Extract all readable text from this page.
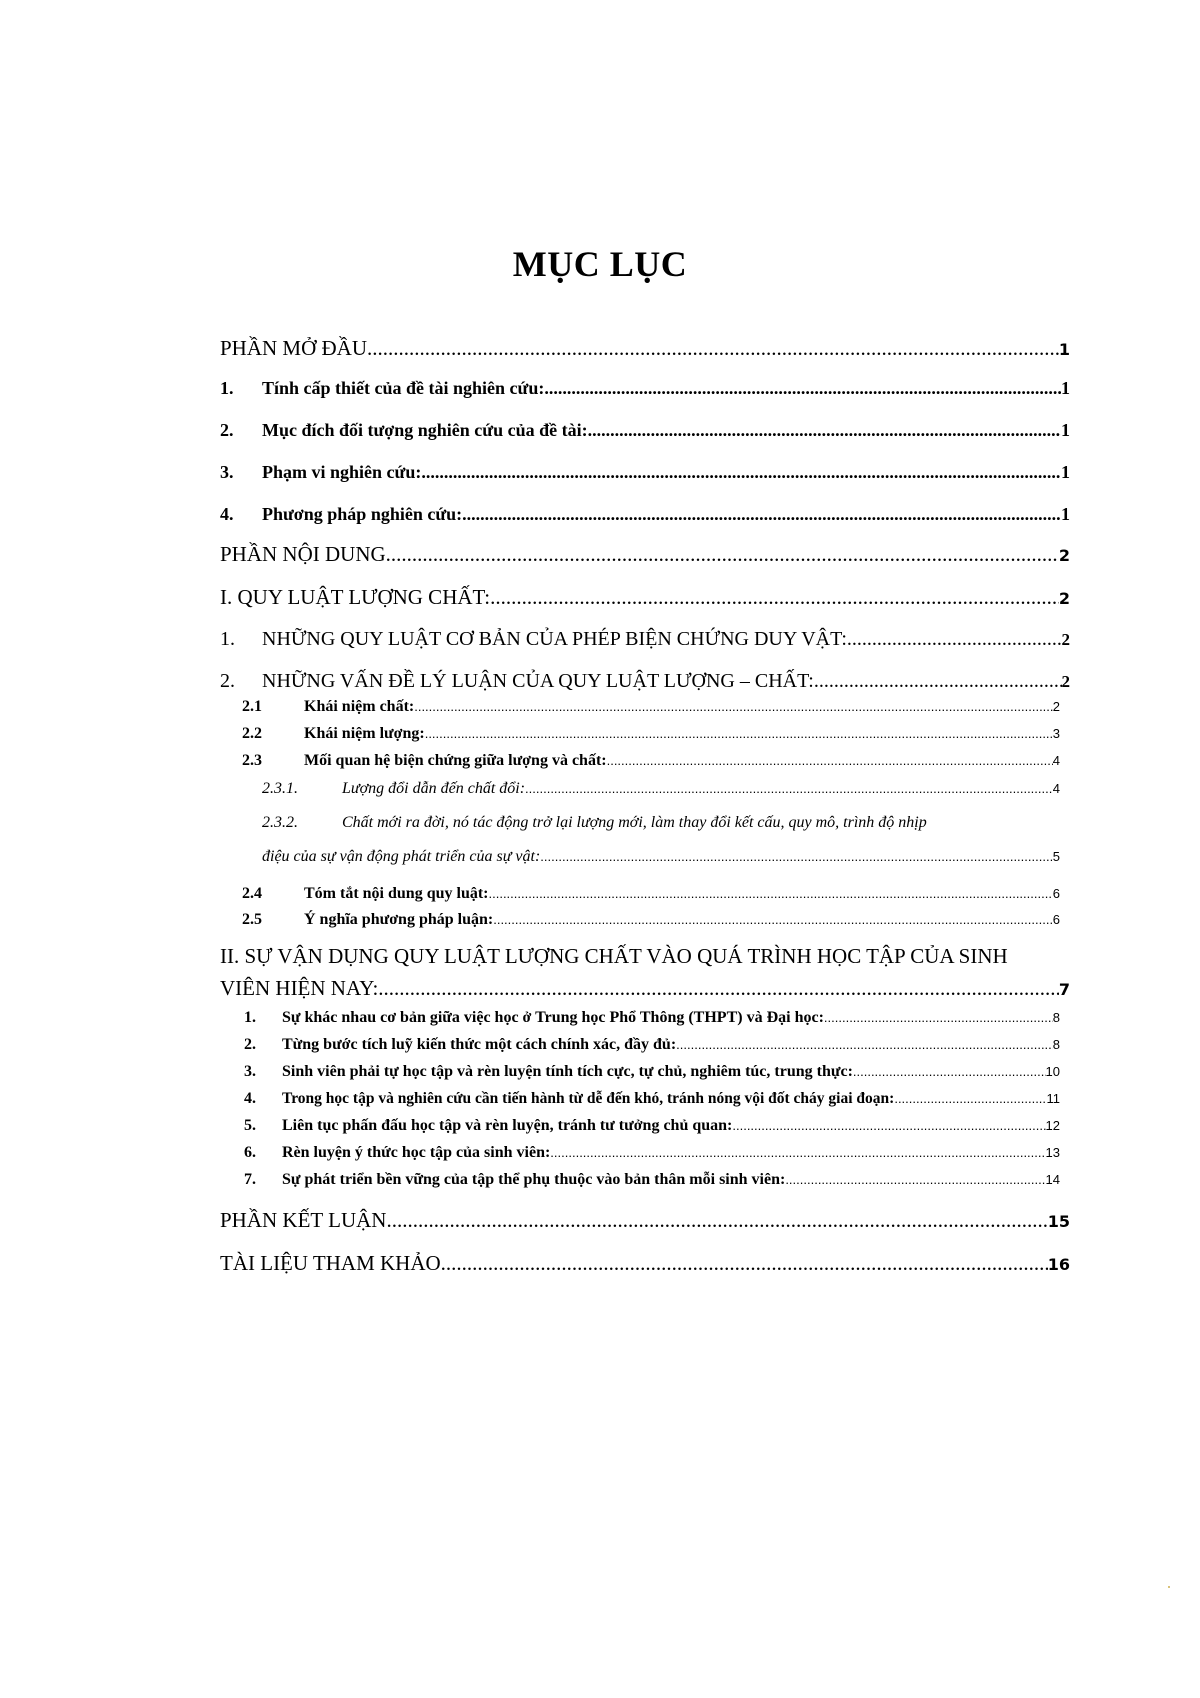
MỤC LỤC
PHẦN MỞ ĐẦU .....	1
1.	Tính cấp thiết của đề tài nghiên cứu: .....	1
2.	Mục đích đối tượng nghiên cứu của đề tài: .....	1
3.	Phạm vi nghiên cứu: .....	1
4.	Phương pháp nghiên cứu: .....	1
PHẦN NỘI DUNG .....	2
I. QUY LUẬT LƯỢNG CHẤT: .....	2
1.	NHỮNG QUY LUẬT CƠ BẢN CỦA PHÉP BIỆN CHỨNG DUY VẬT: .....	2
2.	NHỮNG VẤN ĐỀ LÝ LUẬN CỦA QUY LUẬT LƯỢNG – CHẤT: .....	2
2.1	Khái niệm chất: .....	2
2.2	Khái niệm lượng: .....	3
2.3	Mối quan hệ biện chứng giữa lượng và chất: .....	4
2.3.1.	Lượng đổi dẫn đến chất đổi: .....	4
2.3.2.	Chất mới ra đời, nó tác động trở lại lượng mới, làm thay đổi kết cấu, quy mô, trình độ nhịp
điệu của sự vận động phát triển của sự vật: .....	5
2.4	Tóm tắt nội dung quy luật: .....	6
2.5	Ý nghĩa phương pháp luận: .....	6
II. SỰ VẬN DỤNG QUY LUẬT LƯỢNG CHẤT VÀO QUÁ TRÌNH HỌC TẬP CỦA SINH
VIÊN HIỆN NAY: .....	7
1.	Sự khác nhau cơ bản giữa việc học ở Trung học Phổ Thông (THPT) và Đại học: .....	8
2.	Từng bước tích luỹ kiến thức một cách chính xác, đầy đủ: .....	8
3.	Sinh viên phải tự học tập và rèn luyện tính tích cực, tự chủ, nghiêm túc, trung thực: .....	10
4.	Trong học tập và nghiên cứu cần tiến hành từ dễ đến khó, tránh nóng vội đốt cháy giai đoạn: .....	11
5.	Liên tục phấn đấu học tập và rèn luyện, tránh tư tưởng chủ quan: .....	12
6.	Rèn luyện ý thức học tập của sinh viên: .....	13
7.	Sự phát triển bền vững của tập thể phụ thuộc vào bản thân mỗi sinh viên: .....	14
PHẦN KẾT LUẬN .....	15
TÀI LIỆU THAM KHẢO .....	16
